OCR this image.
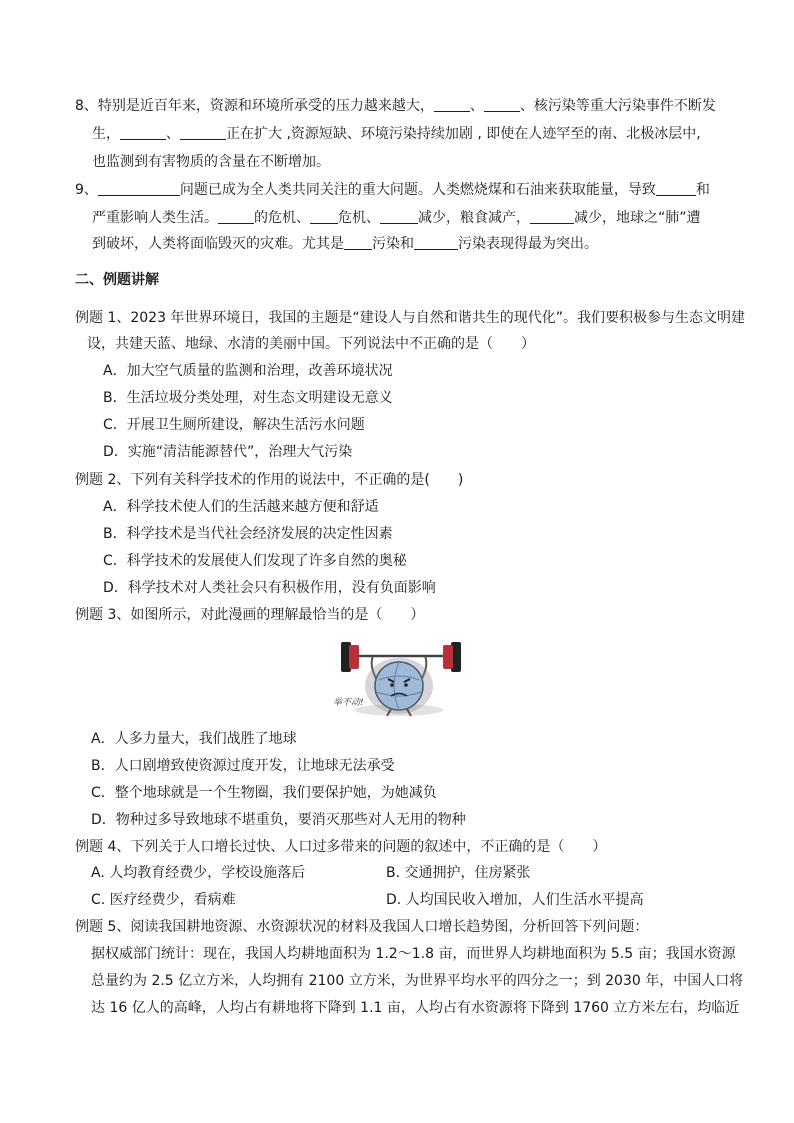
8、特别是近百年来，资源和环境所承受的压力越来越大，	、	、核污染等重大污染事件不断发
生，	、	正在扩大 ,资源短缺、环境污染持续加剧 , 即使在人迹罕至的南、北极冰层中,
也监测到有害物质的含量在不断增加。
9、	问题已成为全人类共同关注的重大问题。人类燃烧煤和石油来获取能量，导致	和
严重影响人类生活。	的危机、 危机、	减少，粮食减产，	减少，地球之“肺”遭
到破坏，人类将面临毁灭的灾难。尤其是 污染和	污染表现得最为突出。
二、例题讲解
例题 1、2023 年世界环境日，我国的主题是“建设人与自然和谐共生的现代化”。我们要积极参与生态文明建
设，共建天蓝、地绿、水清的美丽中国。下列说法中不正确的是（　　）
A．加大空气质量的监测和治理，改善环境状况
B．生活垃圾分类处理，对生态文明建设无意义
C．开展卫生厕所建设，解决生活污水问题
D．实施“清洁能源替代”，治理大气污染
例题 2、下列有关科学技术的作用的说法中，不正确的是(　　)
A．科学技术使人们的生活越来越方便和舒适
B．科学技术是当代社会经济发展的决定性因素
C．科学技术的发展使人们发现了许多自然的奥秘
D．科学技术对人类社会只有积极作用，没有负面影响
例题 3、如图所示，对此漫画的理解最恰当的是（　　）
举不动!
A．人多力量大，我们战胜了地球
B．人口剧增致使资源过度开发，让地球无法承受
C．整个地球就是一个生物圈，我们要保护她，为她减负
D．物种过多导致地球不堪重负，要消灭那些对人无用的物种
例题 4、下列关于人口增长过快、人口过多带来的问题的叙述中，不正确的是（　　）
A. 人均教育经费少，学校设施落后	B. 交通拥护，住房紧张
C. 医疗经费少，看病难	D. 人均国民收入增加，人们生活水平提高
例题 5、阅读我国耕地资源、水资源状况的材料及我国人口增长趋势图，分析回答下列问题：
据权威部门统计：现在，我国人均耕地面积为 1.2～1.8 亩，而世界人均耕地面积为 5.5 亩；我国水资源
总量约为 2.5 亿立方米，人均拥有 2100 立方米，为世界平均水平的四分之一；到 2030 年，中国人口将
达 16 亿人的高峰，人均占有耕地将下降到 1.1 亩，人均占有水资源将下降到 1760 立方米左右，均临近
